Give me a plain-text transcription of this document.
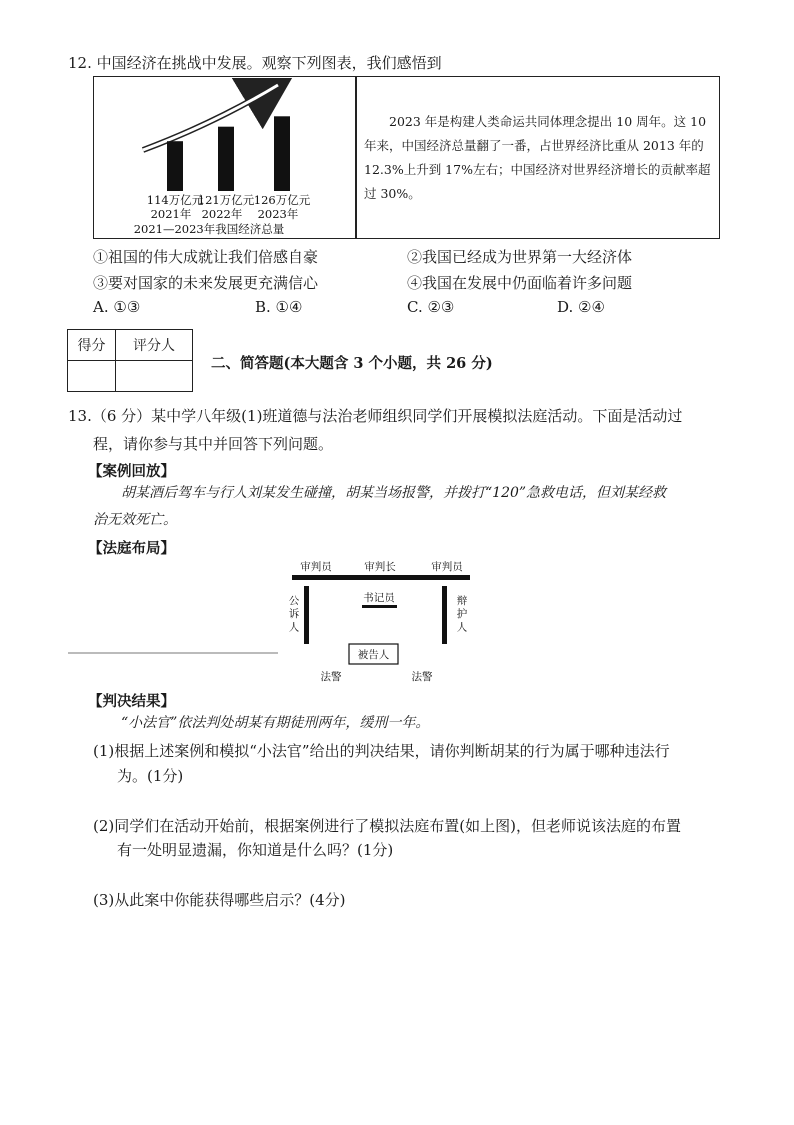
12. 中国经济在挑战中发展。观察下列图表，我们感悟到
114万亿元
121万亿元 126万亿元
2021年 2022年 2023年
2021—2023年我国经济总量
2023 年是构建人类命运共同体理念提出 10 周年。这 10 年来，中国经济总量翻了一番，占世界经济比重从 2013 年的 12.3%上升到 17%左右；中国经济对世界经济增长的贡献率超过 30%。
①祖国的伟大成就让我们倍感自豪	②我国已经成为世界第一大经济体
③要对国家的未来发展更充满信心	④我国在发展中仍面临着许多问题
A. ①③	B. ①④	C. ②③	D. ②④
得分	评分人

二、简答题(本大题含 3 个小题，共 26 分)
13.（6 分）某中学八年级(1)班道德与法治老师组织同学们开展模拟法庭活动。下面是活动过
程，请你参与其中并回答下列问题。
【案例回放】
胡某酒后驾车与行人刘某发生碰撞，胡某当场报警，并拨打“120”急救电话，但刘某经救
治无效死亡。
【法庭布局】
审判员	审判长	审判员
书记员
公诉人
辩护人
被告人
法警	法警
【判决结果】
“小法官”依法判处胡某有期徒刑两年，缓刑一年。
(1)根据上述案例和模拟“小法官”给出的判决结果，请你判断胡某的行为属于哪种违法行
为。(1分)
(2)同学们在活动开始前，根据案例进行了模拟法庭布置(如上图)，但老师说该法庭的布置
有一处明显遗漏，你知道是什么吗？(1分)
(3)从此案中你能获得哪些启示？(4分)
